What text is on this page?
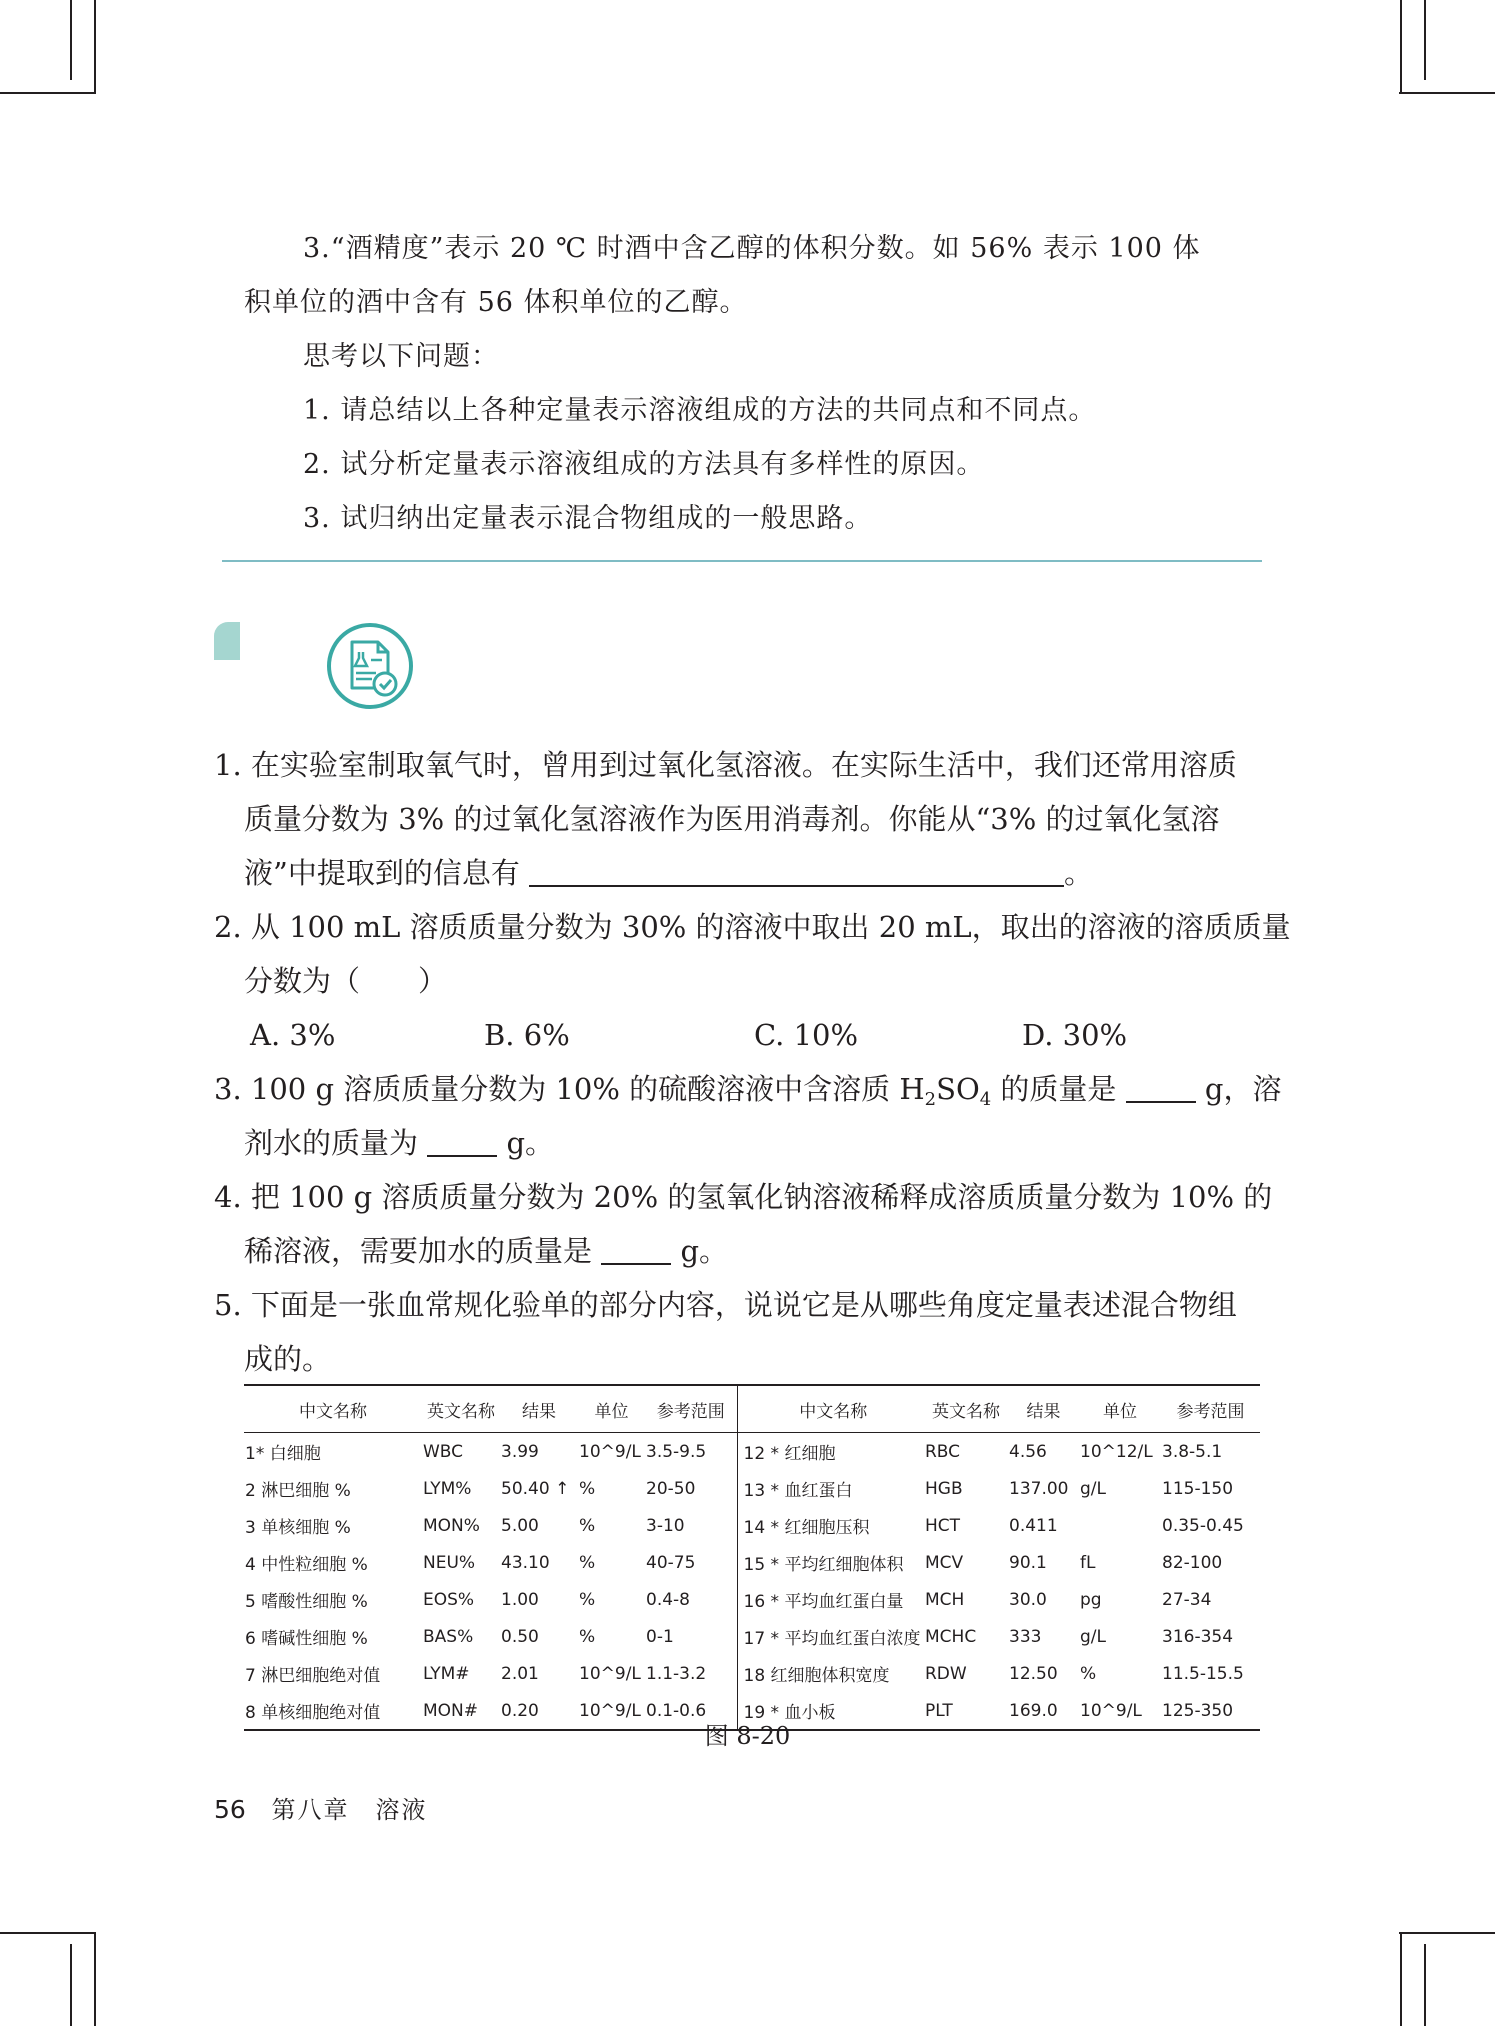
3.“酒精度”表示 20 ℃ 时酒中含乙醇的体积分数。如 56% 表示 100 体

积单位的酒中含有 56 体积单位的乙醇。

思考以下问题：

1. 请总结以上各种定量表示溶液组成的方法的共同点和不同点。

2. 试分析定量表示溶液组成的方法具有多样性的原因。

3. 试归纳出定量表示混合物组成的一般思路。

1. 在实验室制取氧气时，曾用到过氧化氢溶液。在实际生活中，我们还常用溶质
质量分数为 3% 的过氧化氢溶液作为医用消毒剂。你能从“3% 的过氧化氢溶
液”中提取到的信息有	。
2. 从 100 mL 溶质质量分数为 30% 的溶液中取出 20 mL，取出的溶液的溶质质量
分数为（　　）
A. 3%	B. 6%	C. 10%	D. 30%
3. 100 g 溶质质量分数为 10% 的硫酸溶液中含溶质 $H_2SO_4$ 的质量是	g，溶
剂水的质量为	g。
4. 把 100 g 溶质质量分数为 20% 的氢氧化钠溶液稀释成溶质质量分数为 10% 的
稀溶液，需要加水的质量是	g。
5. 下面是一张血常规化验单的部分内容，说说它是从哪些角度定量表述混合物组
成的。
中文名称	英文名称	结果	单位	参考范围	中文名称	英文名称	结果	单位	参考范围
1* 白细胞	WBC	3.99	10^9/L	3.5-9.5	12 * 红细胞	RBC	4.56	10^12/L	3.8-5.1
2 淋巴细胞 %	LYM%	50.40 ↑	%	20-50	13 * 血红蛋白	HGB	137.00	g/L	115-150
3 单核细胞 %	MON%	5.00	%	3-10	14 * 红细胞压积	HCT	0.411		0.35-0.45
4 中性粒细胞 %	NEU%	43.10	%	40-75	15 * 平均红细胞体积	MCV	90.1	fL	82-100
5 嗜酸性细胞 %	EOS%	1.00	%	0.4-8	16 * 平均血红蛋白量	MCH	30.0	pg	27-34
6 嗜碱性细胞 %	BAS%	0.50	%	0-1	17 * 平均血红蛋白浓度	MCHC	333	g/L	316-354
7 淋巴细胞绝对值	LYM#	2.01	10^9/L	1.1-3.2	18 红细胞体积宽度	RDW	12.50	%	11.5-15.5
8 单核细胞绝对值	MON#	0.20	10^9/L	0.1-0.6	19 * 血小板	PLT	169.0	10^9/L	125-350
图 8-20
56 第八章　溶液
